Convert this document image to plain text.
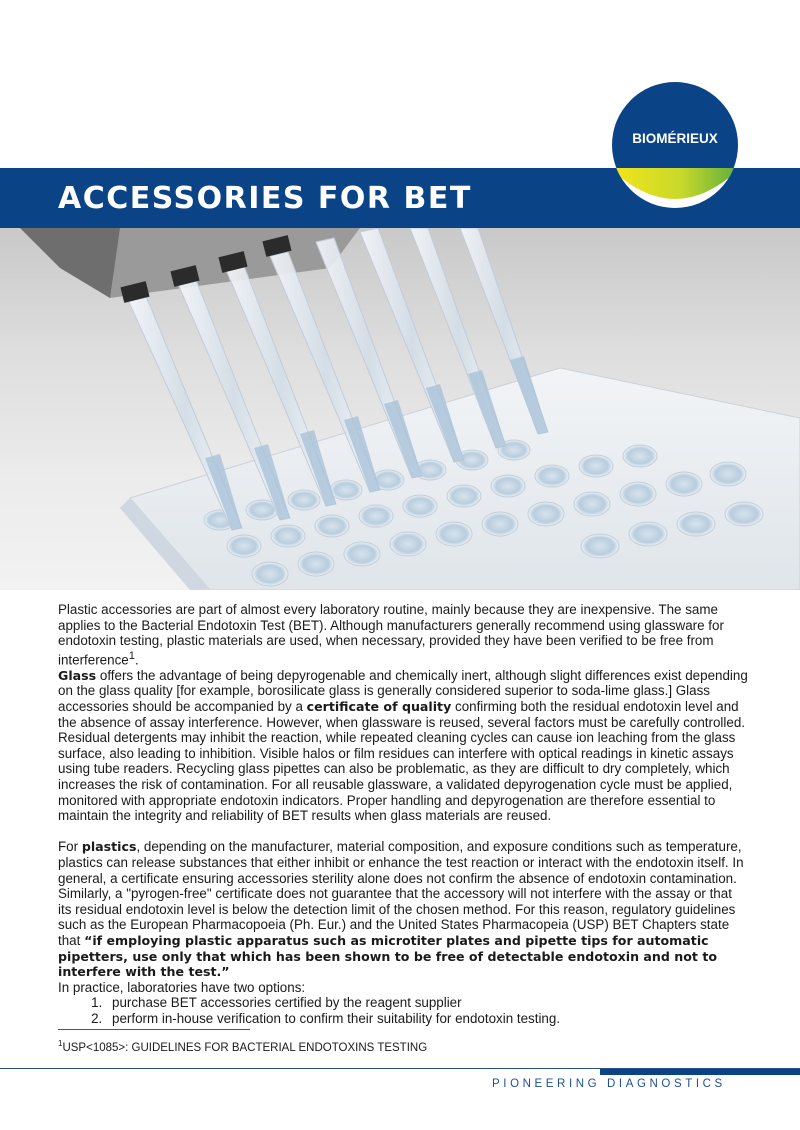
BIOMÉRIEUX
ACCESSORIES FOR BET

Plastic accessories are part of almost every laboratory routine, mainly because they are inexpensive. The same applies to the Bacterial Endotoxin Test (BET). Although manufacturers generally recommend using glassware for endotoxin testing, plastic materials are used, when necessary, provided they have been verified to be free from interference$^1$.

Glass offers the advantage of being depyrogenable and chemically inert, although slight differences exist depending on the glass quality [for example, borosilicate glass is generally considered superior to soda-lime glass.] Glass accessories should be accompanied by a certificate of quality confirming both the residual endotoxin level and the absence of assay interference. However, when glassware is reused, several factors must be carefully controlled. Residual detergents may inhibit the reaction, while repeated cleaning cycles can cause ion leaching from the glass surface, also leading to inhibition. Visible halos or film residues can interfere with optical readings in kinetic assays using tube readers. Recycling glass pipettes can also be problematic, as they are difficult to dry completely, which increases the risk of contamination. For all reusable glassware, a validated depyrogenation cycle must be applied, monitored with appropriate endotoxin indicators. Proper handling and depyrogenation are therefore essential to maintain the integrity and reliability of BET results when glass materials are reused.

For plastics, depending on the manufacturer, material composition, and exposure conditions such as temperature, plastics can release substances that either inhibit or enhance the test reaction or interact with the endotoxin itself. In general, a certificate ensuring accessories sterility alone does not confirm the absence of endotoxin contamination. Similarly, a "pyrogen-free" certificate does not guarantee that the accessory will not interfere with the assay or that its residual endotoxin level is below the detection limit of the chosen method. For this reason, regulatory guidelines such as the European Pharmacopoeia (Ph. Eur.) and the United States Pharmacopeia (USP) BET Chapters state that “if employing plastic apparatus such as microtiter plates and pipette tips for automatic pipetters, use only that which has been shown to be free of detectable endotoxin and not to interfere with the test.”

In practice, laboratories have two options:

1. purchase BET accessories certified by the reagent supplier
2. perform in-house verification to confirm their suitability for endotoxin testing.
$^1$USP<1085>: GUIDELINES FOR BACTERIAL ENDOTOXINS TESTING
PIONEERING DIAGNOSTICS
